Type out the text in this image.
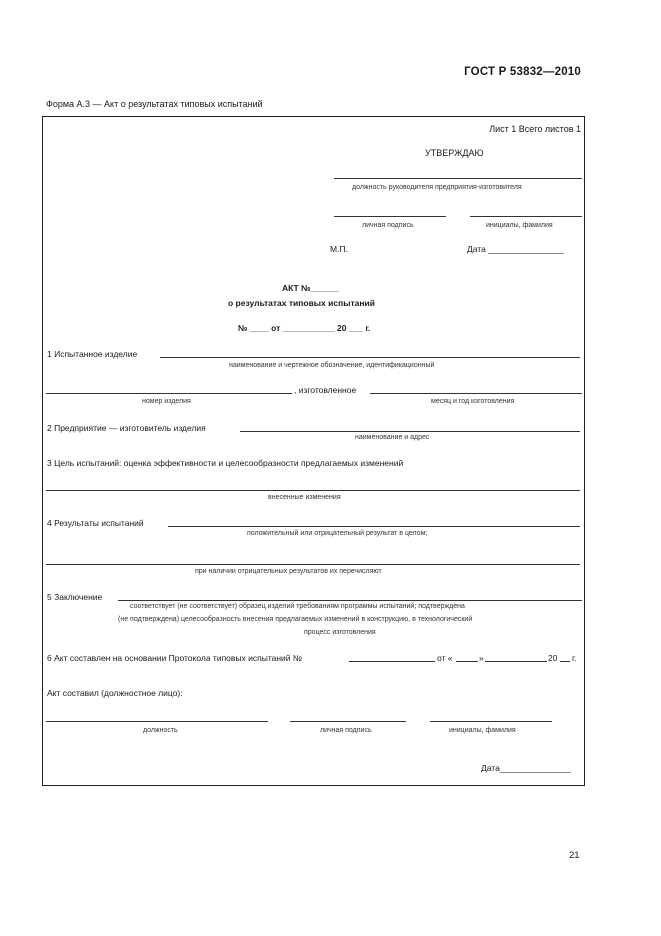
ГОСТ Р 53832—2010
Форма А.3 — Акт о результатах типовых испытаний
Лист 1 Всего листов 1
УТВЕРЖДАЮ
должность руководителя предприятия-изготовителя
личная подпись	инициалы, фамилия
М.П.	Дата ________________
АКТ №______
о результатах типовых испытаний
№ ____ от ___________ 20 ___ г.
1 Испытанное изделие
наименование и чертежное обозначение, идентификационный
, изготовленное
номер изделия	месяц и год изготовления
2 Предприятие — изготовитель изделия
наименование и адрес
3 Цель испытаний: оценка эффективности и целесообразности предлагаемых изменений
внесенные изменения
4 Результаты испытаний
положительный или отрицательный результат в целом;
при наличии отрицательных результатов их перечисляют
5 Заключение
соответствует (не соответствует) образец изделий требованиям программы испытаний; подтверждена
(не подтверждена) целесообразность внесения предлагаемых изменений в конструкцию, в технологический
процесс изготовления
6 Акт составлен на основании Протокола типовых испытаний №	от «	»	20 г.
Акт составил (должностное лицо):
должность	личная подпись	инициалы, фамилия
Дата_______________
21
